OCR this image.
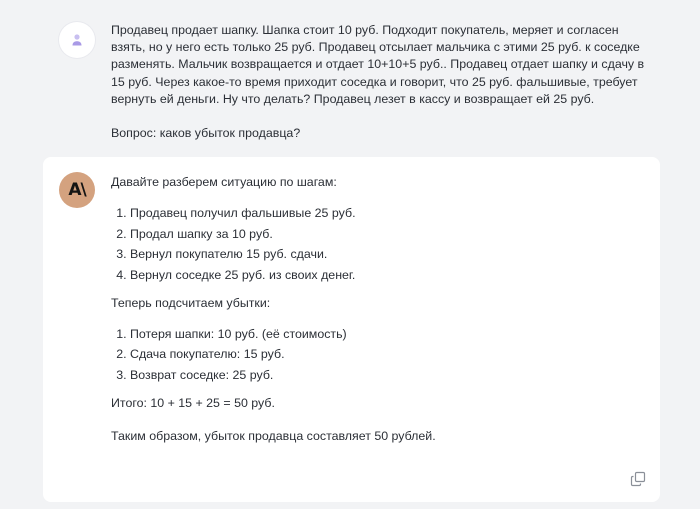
Продавец продает шапку. Шапка стоит 10 руб. Подходит покупатель, меряет и согласен взять, но у него есть только 25 руб. Продавец отсылает мальчика с этими 25 руб. к соседке разменять. Мальчик возвращается и отдает 10+10+5 руб.. Продавец отдает шапку и сдачу в 15 руб. Через какое-то время приходит соседка и говорит, что 25 руб. фальшивые, требует вернуть ей деньги. Ну что делать? Продавец лезет в кассу и возвращает ей 25 руб.

Вопрос: каков убыток продавца?

A\	Давайте разберем ситуацию по шагам:

1. Продавец получил фальшивые 25 руб.
2. Продал шапку за 10 руб.
3. Вернул покупателю 15 руб. сдачи.
4. Вернул соседке 25 руб. из своих денег.

Теперь подсчитаем убытки:

1. Потеря шапки: 10 руб. (её стоимость)
2. Сдача покупателю: 15 руб.
3. Возврат соседке: 25 руб.

Итого: 10 + 15 + 25 = 50 руб.

Таким образом, убыток продавца составляет 50 рублей.
